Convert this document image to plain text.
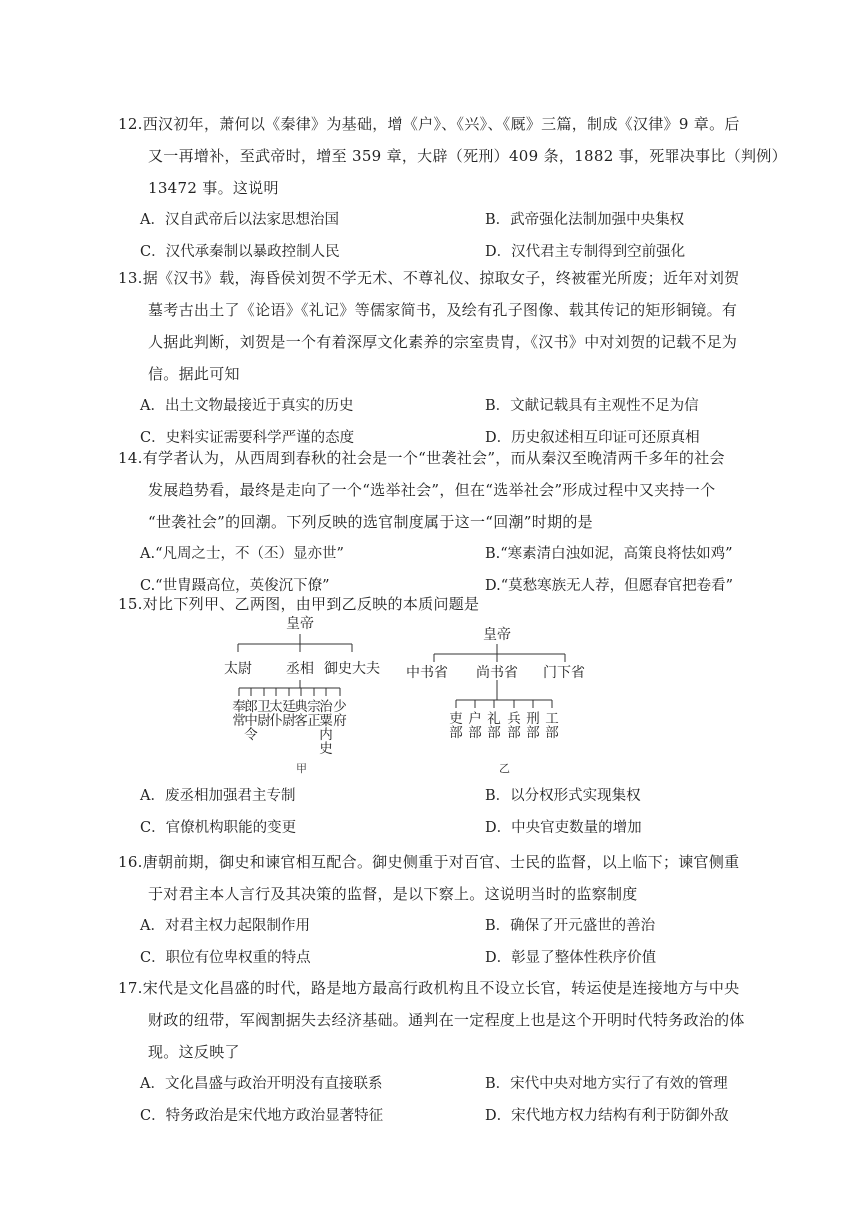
12.西汉初年，萧何以《秦律》为基础，增《户》、《兴》、《厩》三篇，制成《汉律》9 章。后

又一再增补，至武帝时，增至 359 章，大辟（死刑）409 条，1882 事，死罪决事比（判例）

13472 事。这说明

A．汉自武帝后以法家思想治国	B．武帝强化法制加强中央集权
C．汉代承秦制以暴政控制人民	D．汉代君主专制得到空前强化

13.据《汉书》载，海昏侯刘贺不学无术、不尊礼仪、掠取女子，终被霍光所废；近年对刘贺

墓考古出土了《论语》《礼记》等儒家简书，及绘有孔子图像、载其传记的矩形铜镜。有

人据此判断，刘贺是一个有着深厚文化素养的宗室贵胄，《汉书》中对刘贺的记载不足为

信。据此可知

A．出土文物最接近于真实的历史	B．文献记载具有主观性不足为信
C．史料实证需要科学严谨的态度	D．历史叙述相互印证可还原真相

14.有学者认为，从西周到春秋的社会是一个“世袭社会”，而从秦汉至晚清两千多年的社会

发展趋势看，最终是走向了一个“选举社会”，但在“选举社会”形成过程中又夹持一个

“世袭社会”的回潮。下列反映的选官制度属于这一“回潮”时期的是

A.“凡周之士，不（丕）显亦世”	B.“寒素清白浊如泥，高策良将怯如鸡”
C.“世胄蹑高位，英俊沉下僚”	D.“莫愁寒族无人荐，但愿春官把卷看”

15.对比下列甲、乙两图，由甲到乙反映的本质问题是

皇帝
太尉 丞相 御史大夫
奉常
郎中令
卫尉
太仆
廷尉
典客
宗正
治粟内史
少府
甲
皇帝
中书省 尚书省 门下省
吏部
户部
礼部
兵部
刑部
工部
乙
A．废丞相加强君主专制	B．以分权形式实现集权
C．官僚机构职能的变更	D．中央官吏数量的增加

16.唐朝前期，御史和谏官相互配合。御史侧重于对百官、士民的监督，以上临下；谏官侧重

于对君主本人言行及其决策的监督，是以下察上。这说明当时的监察制度

A．对君主权力起限制作用	B．确保了开元盛世的善治
C．职位有位卑权重的特点	D．彰显了整体性秩序价值

17.宋代是文化昌盛的时代，路是地方最高行政机构且不设立长官，转运使是连接地方与中央

财政的纽带，军阀割据失去经济基础。通判在一定程度上也是这个开明时代特务政治的体

现。这反映了

A．文化昌盛与政治开明没有直接联系	B．宋代中央对地方实行了有效的管理
C．特务政治是宋代地方政治显著特征	D．宋代地方权力结构有利于防御外敌
